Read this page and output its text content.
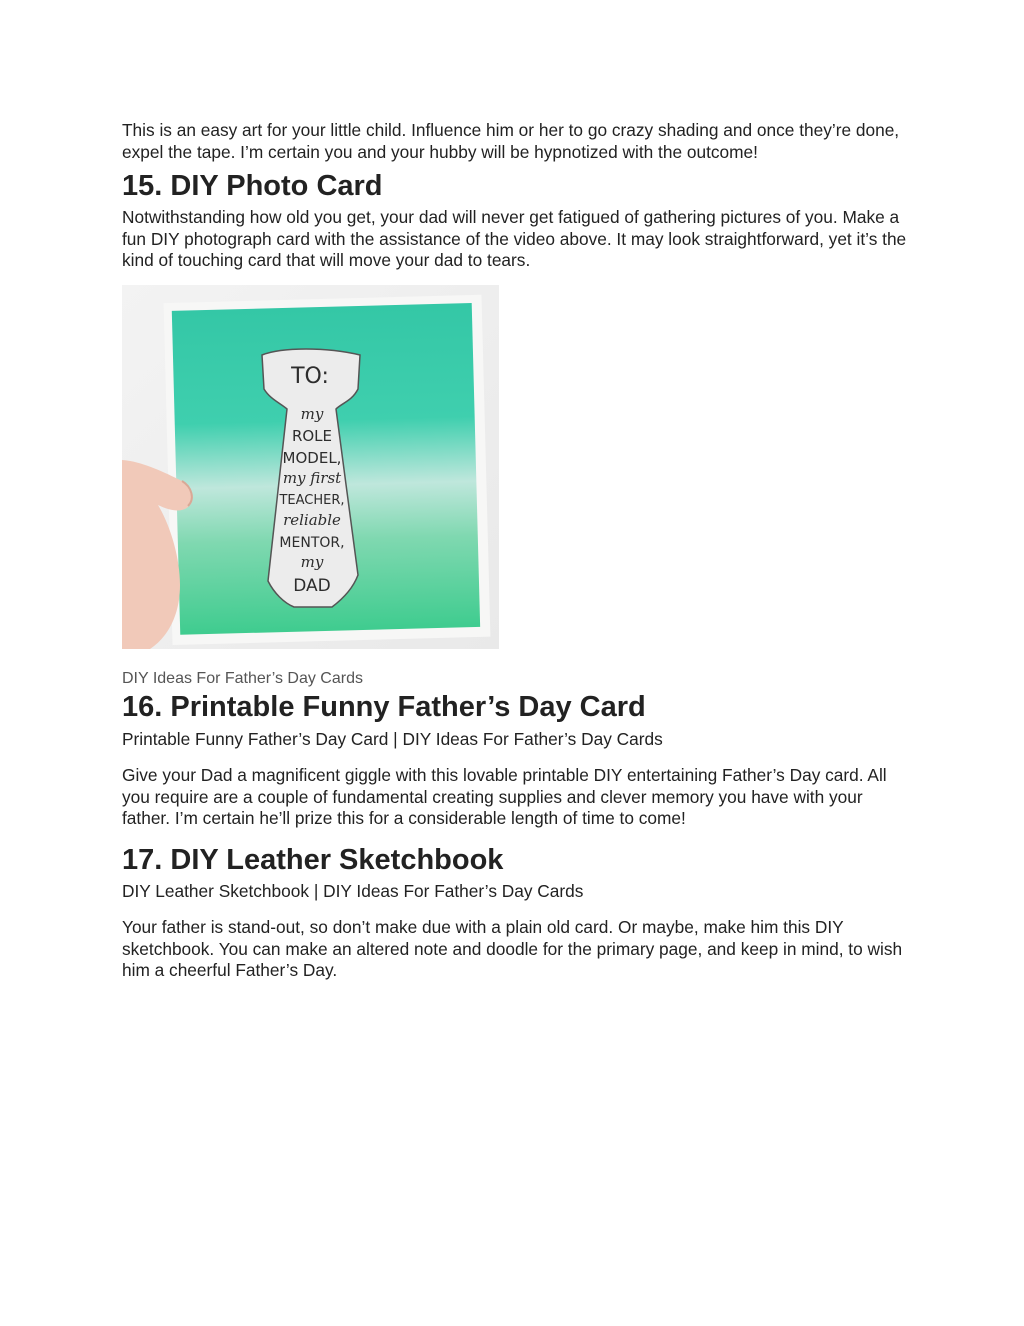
This is an easy art for your little child. Influence him or her to go crazy shading and once they’re done, expel the tape. I’m certain you and your hubby will be hypnotized with the outcome!

15. DIY Photo Card

Notwithstanding how old you get, your dad will never get fatigued of gathering pictures of you. Make a fun DIY photograph card with the assistance of the video above. It may look straightforward, yet it’s the kind of touching card that will move your dad to tears.

TO:
my
ROLE
MODEL,
my first
TEACHER,
reliable
MENTOR,
my
DAD

DIY Ideas For Father’s Day Cards

16. Printable Funny Father’s Day Card

Printable Funny Father’s Day Card | DIY Ideas For Father’s Day Cards

Give your Dad a magnificent giggle with this lovable printable DIY entertaining Father’s Day card. All you require are a couple of fundamental creating supplies and clever memory you have with your father. I’m certain he’ll prize this for a considerable length of time to come!

17. DIY Leather Sketchbook

DIY Leather Sketchbook | DIY Ideas For Father’s Day Cards

Your father is stand-out, so don’t make due with a plain old card. Or maybe, make him this DIY sketchbook. You can make an altered note and doodle for the primary page, and keep in mind, to wish him a cheerful Father’s Day.
